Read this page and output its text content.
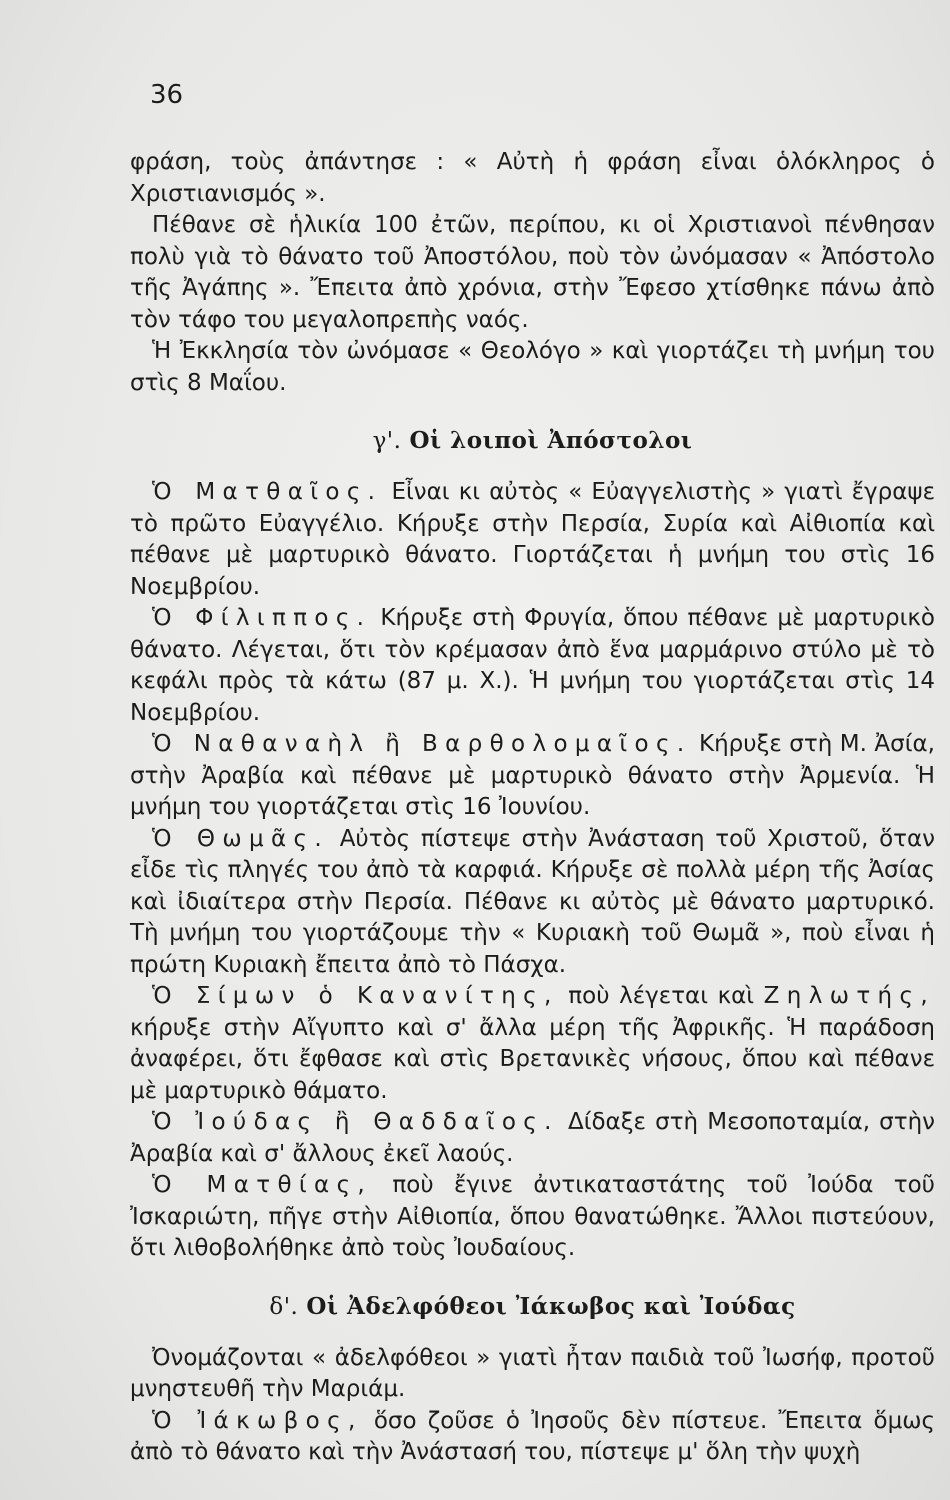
36

φράση, τοὺς ἀπάντησε : « Αὐτὴ ἡ φράση εἶναι ὁλόκληρος ὁ Χριστιανισμός ».

Πέθανε σὲ ἡλικία 100 ἐτῶν, περίπου, κι οἱ Χριστιανοὶ πένθησαν πολὺ γιὰ τὸ θάνατο τοῦ Ἀποστόλου, ποὺ τὸν ὠνόμασαν « Ἀπόστολο τῆς Ἀγάπης ». Ἔπειτα ἀπὸ χρόνια, στὴν Ἔφεσο χτίσθηκε πάνω ἀπὸ τὸν τάφο του μεγαλοπρεπὴς ναός.

Ἡ Ἐκκλησία τὸν ὠνόμασε « Θεολόγο » καὶ γιορτάζει τὴ μνήμη του στὶς 8 Μαΐου.

γ'. Οἱ λοιποὶ Ἀπόστολοι

Ὁ Ματθαῖος. Εἶναι κι αὐτὸς « Εὐαγγελιστὴς » γιατὶ ἔγραψε τὸ πρῶτο Εὐαγγέλιο. Κήρυξε στὴν Περσία, Συρία καὶ Αἰθιοπία καὶ πέθανε μὲ μαρτυρικὸ θάνατο. Γιορτάζεται ἡ μνήμη του στὶς 16 Νοεμβρίου.

Ὁ Φίλιππος. Κήρυξε στὴ Φρυγία, ὅπου πέθανε μὲ μαρτυρικὸ θάνατο. Λέγεται, ὅτι τὸν κρέμασαν ἀπὸ ἕνα μαρμάρινο στύλο μὲ τὸ κεφάλι πρὸς τὰ κάτω (87 μ. Χ.). Ἡ μνήμη του γιορτάζεται στὶς 14 Νοεμβρίου.

Ὁ Ναθαναὴλ ἢ Βαρθολομαῖος. Κήρυξε στὴ Μ. Ἀσία, στὴν Ἀραβία καὶ πέθανε μὲ μαρτυρικὸ θάνατο στὴν Ἀρμενία. Ἡ μνήμη του γιορτάζεται στὶς 16 Ἰουνίου.

Ὁ Θωμᾶς. Αὐτὸς πίστεψε στὴν Ἀνάσταση τοῦ Χριστοῦ, ὅταν εἶδε τὶς πληγές του ἀπὸ τὰ καρφιά. Κήρυξε σὲ πολλὰ μέρη τῆς Ἀσίας καὶ ἰδιαίτερα στὴν Περσία. Πέθανε κι αὐτὸς μὲ θάνατο μαρτυρικό. Τὴ μνήμη του γιορτάζουμε τὴν « Κυριακὴ τοῦ Θωμᾶ », ποὺ εἶναι ἡ πρώτη Κυριακὴ ἔπειτα ἀπὸ τὸ Πάσχα.

Ὁ Σίμων ὁ Κανανίτης, ποὺ λέγεται καὶ Ζηλωτής, κήρυξε στὴν Αἴγυπτο καὶ σ' ἄλλα μέρη τῆς Ἀφρικῆς. Ἡ παράδοση ἀναφέρει, ὅτι ἔφθασε καὶ στὶς Βρετανικὲς νήσους, ὅπου καὶ πέθανε μὲ μαρτυρικὸ θάματο.

Ὁ Ἰούδας ἢ Θαδδαῖος. Δίδαξε στὴ Μεσοποταμία, στὴν Ἀραβία καὶ σ' ἄλλους ἐκεῖ λαούς.

Ὁ Ματθίας, ποὺ ἔγινε ἀντικαταστάτης τοῦ Ἰούδα τοῦ Ἰσκαριώτη, πῆγε στὴν Αἰθιοπία, ὅπου θανατώθηκε. Ἄλλοι πιστεύουν, ὅτι λιθοβολήθηκε ἀπὸ τοὺς Ἰουδαίους.

δ'. Οἱ Ἀδελφόθεοι Ἰάκωβος καὶ Ἰούδας

Ὀνομάζονται « ἀδελφόθεοι » γιατὶ ἦταν παιδιὰ τοῦ Ἰωσήφ, προτοῦ μνηστευθῆ τὴν Μαριάμ.

Ὁ Ἰάκωβος, ὅσο ζοῦσε ὁ Ἰησοῦς δὲν πίστευε. Ἔπειτα ὅμως ἀπὸ τὸ θάνατο καὶ τὴν Ἀνάστασή του, πίστεψε μ' ὅλη τὴν ψυχὴ
